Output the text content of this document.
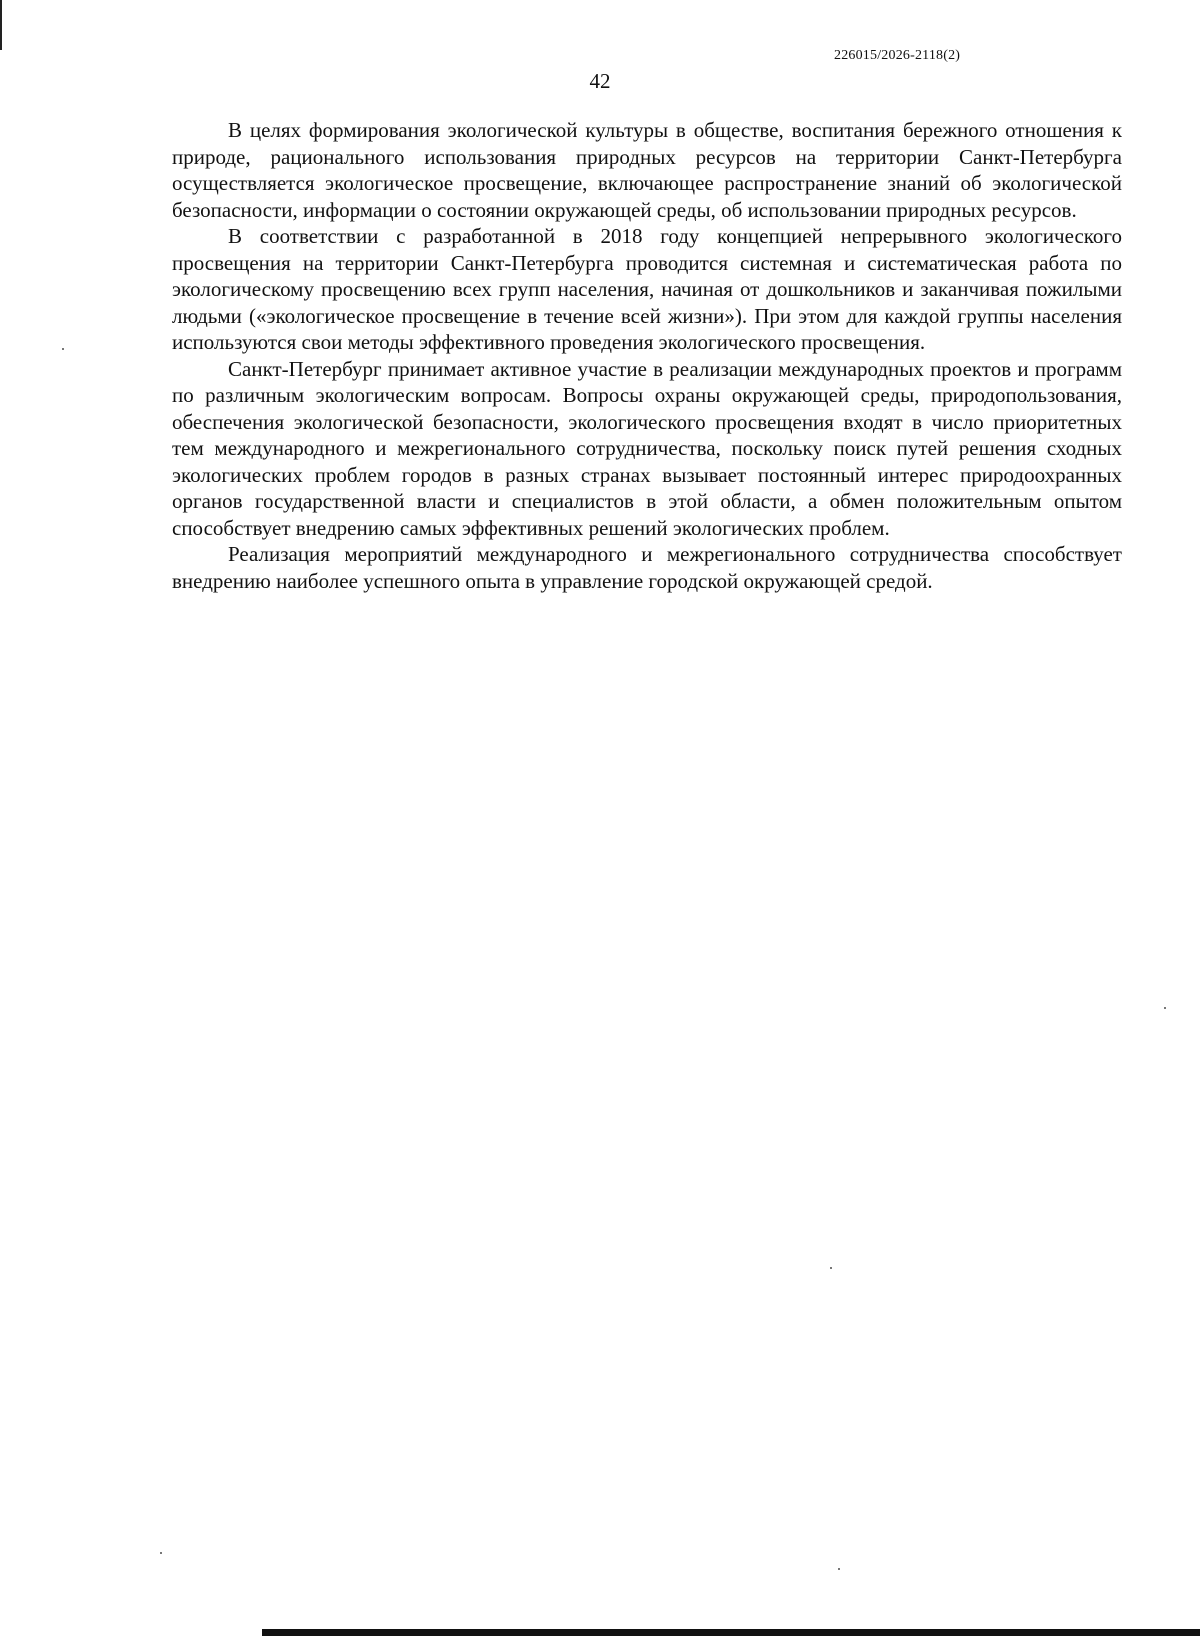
226015/2026-2118(2)
42

В целях формирования экологической культуры в обществе, воспитания бережного отношения к природе, рационального использования природных ресурсов на территории Санкт-Петербурга осуществляется экологическое просвещение, включающее распространение знаний об экологической безопасности, информации о состоянии окружающей среды, об использовании природных ресурсов.

В соответствии с разработанной в 2018 году концепцией непрерывного экологического просвещения на территории Санкт-Петербурга проводится системная и систематическая работа по экологическому просвещению всех групп населения, начиная от дошкольников и заканчивая пожилыми людьми («экологическое просвещение в течение всей жизни»). При этом для каждой группы населения используются свои методы эффективного проведения экологического просвещения.

Санкт-Петербург принимает активное участие в реализации международных проектов и программ по различным экологическим вопросам. Вопросы охраны окружающей среды, природопользования, обеспечения экологической безопасности, экологического просвещения входят в число приоритетных тем международного и межрегионального сотрудничества, поскольку поиск путей решения сходных экологических проблем городов в разных странах вызывает постоянный интерес природоохранных органов государственной власти и специалистов в этой области, а обмен положительным опытом способствует внедрению самых эффективных решений экологических проблем.

Реализация мероприятий международного и межрегионального сотрудничества способствует внедрению наиболее успешного опыта в управление городской окружающей средой.
